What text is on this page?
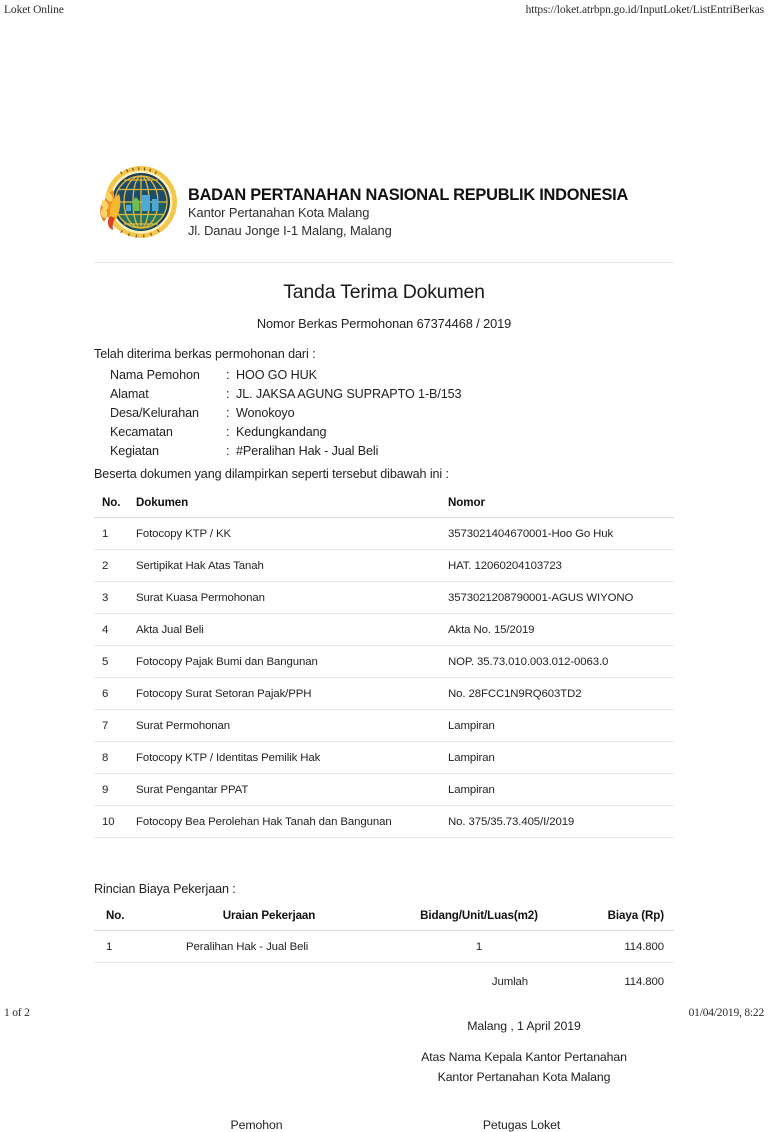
Loket Online	https://loket.atrbpn.go.id/InputLoket/ListEntriBerkas
BADAN PERTANAHAN NASIONAL REPUBLIK INDONESIA
Kantor Pertanahan Kota Malang
Jl. Danau Jonge I-1 Malang, Malang
Tanda Terima Dokumen
Nomor Berkas Permohonan 67374468 / 2019
Telah diterima berkas permohonan dari :
Nama Pemohon	:	HOO GO HUK
Alamat	:	JL. JAKSA AGUNG SUPRAPTO 1-B/153
Desa/Kelurahan	:	Wonokoyo
Kecamatan	:	Kedungkandang
Kegiatan	:	#Peralihan Hak - Jual Beli
Beserta dokumen yang dilampirkan seperti tersebut dibawah ini :
No.	Dokumen	Nomor
1	Fotocopy KTP / KK	3573021404670001-Hoo Go Huk
2	Sertipikat Hak Atas Tanah	HAT. 12060204103723
3	Surat Kuasa Permohonan	3573021208790001-AGUS WIYONO
4	Akta Jual Beli	Akta No. 15/2019
5	Fotocopy Pajak Bumi dan Bangunan	NOP. 35.73.010.003.012-0063.0
6	Fotocopy Surat Setoran Pajak/PPH	No. 28FCC1N9RQ603TD2
7	Surat Permohonan	Lampiran
8	Fotocopy KTP / Identitas Pemilik Hak	Lampiran
9	Surat Pengantar PPAT	Lampiran
10	Fotocopy Bea Perolehan Hak Tanah dan Bangunan	No. 375/35.73.405/I/2019
Rincian Biaya Pekerjaan :
No.	Uraian Pekerjaan	Bidang/Unit/Luas(m2)	Biaya (Rp)
1	Peralihan Hak - Jual Beli	1	114.800
		Jumlah	114.800
Malang , 1 April 2019
Atas Nama Kepala Kantor Pertanahan
Kantor Pertanahan Kota Malang
Pemohon	Petugas Loket
1 of 2	01/04/2019, 8:22
